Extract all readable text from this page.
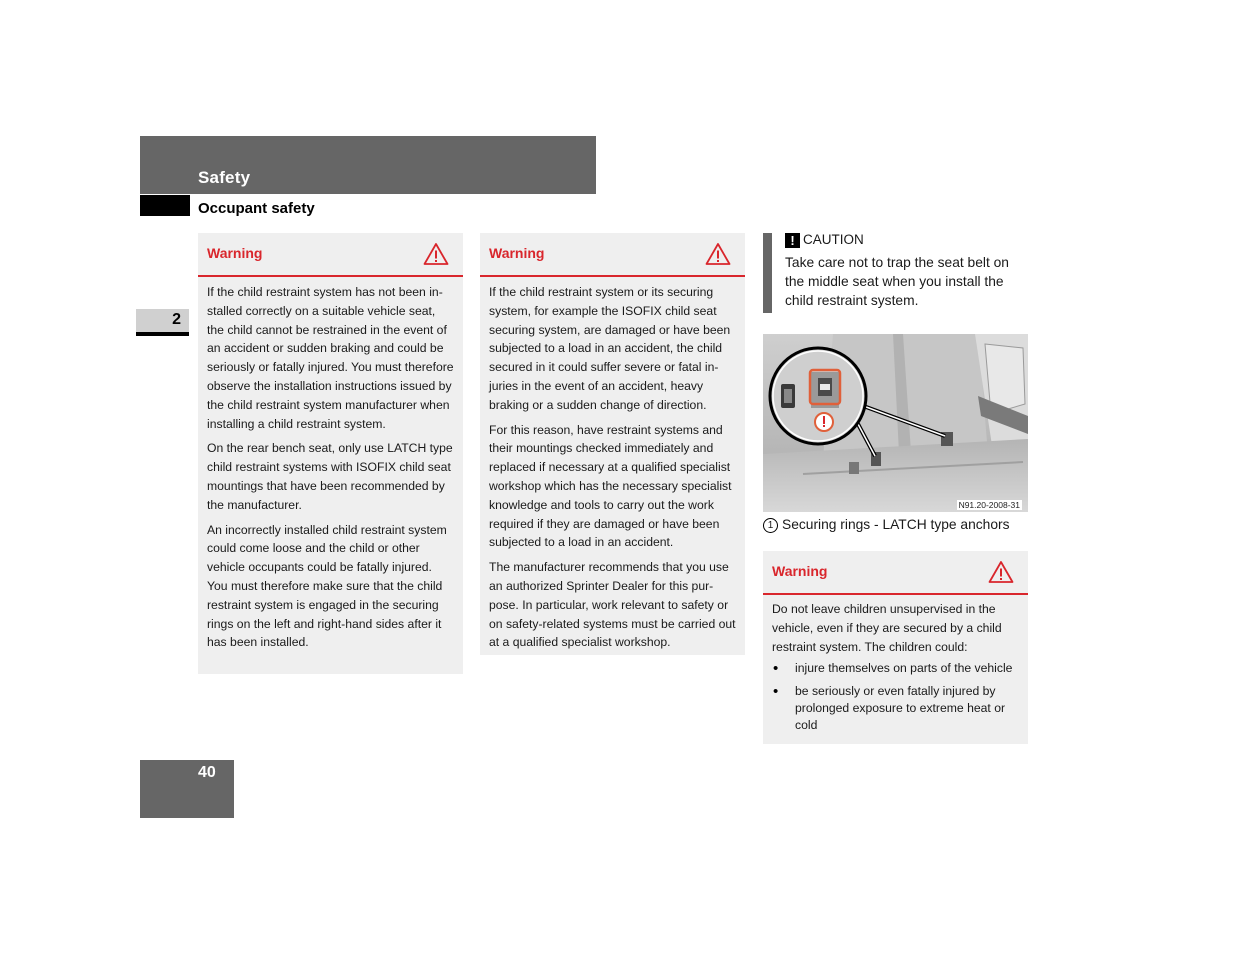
Safety
Occupant safety
2
Warning

If the child restraint system has not been installed correctly on a suitable vehicle seat, the child cannot be restrained in the event of an accident or sudden braking and could be seriously or fatally injured. You must therefore observe the installation instructions issued by the child restraint system manufacturer when installing a child restraint system.

On the rear bench seat, only use LATCH type child restraint systems with ISOFIX child seat mountings that have been recommended by the manufacturer.

An incorrectly installed child restraint system could come loose and the child or other vehicle occupants could be fatally injured. You must therefore make sure that the child restraint system is engaged in the securing rings on the left and right-hand sides after it has been installed.

Warning

If the child restraint system or its securing system, for example the ISOFIX child seat securing system, are damaged or have been subjected to a load in an accident, the child secured in it could suffer severe or fatal injuries in the event of an accident, heavy braking or a sudden change of direction.

For this reason, have restraint systems and their mountings checked immediately and replaced if necessary at a qualified specialist workshop which has the necessary specialist knowledge and tools to carry out the work required if they are damaged or have been subjected to a load in an accident.

The manufacturer recommends that you use an authorized Sprinter Dealer for this purpose. In particular, work relevant to safety or on safety-related systems must be carried out at a qualified specialist workshop.

! CAUTION
Take care not to trap the seat belt on the middle seat when you install the child restraint system.
N91.20-2008-31
1 Securing rings - LATCH type anchors
Warning
Do not leave children unsupervised in the vehicle, even if they are secured by a child restraint system. The children could:
• injure themselves on parts of the vehicle
• be seriously or even fatally injured by prolonged exposure to extreme heat or cold
40
